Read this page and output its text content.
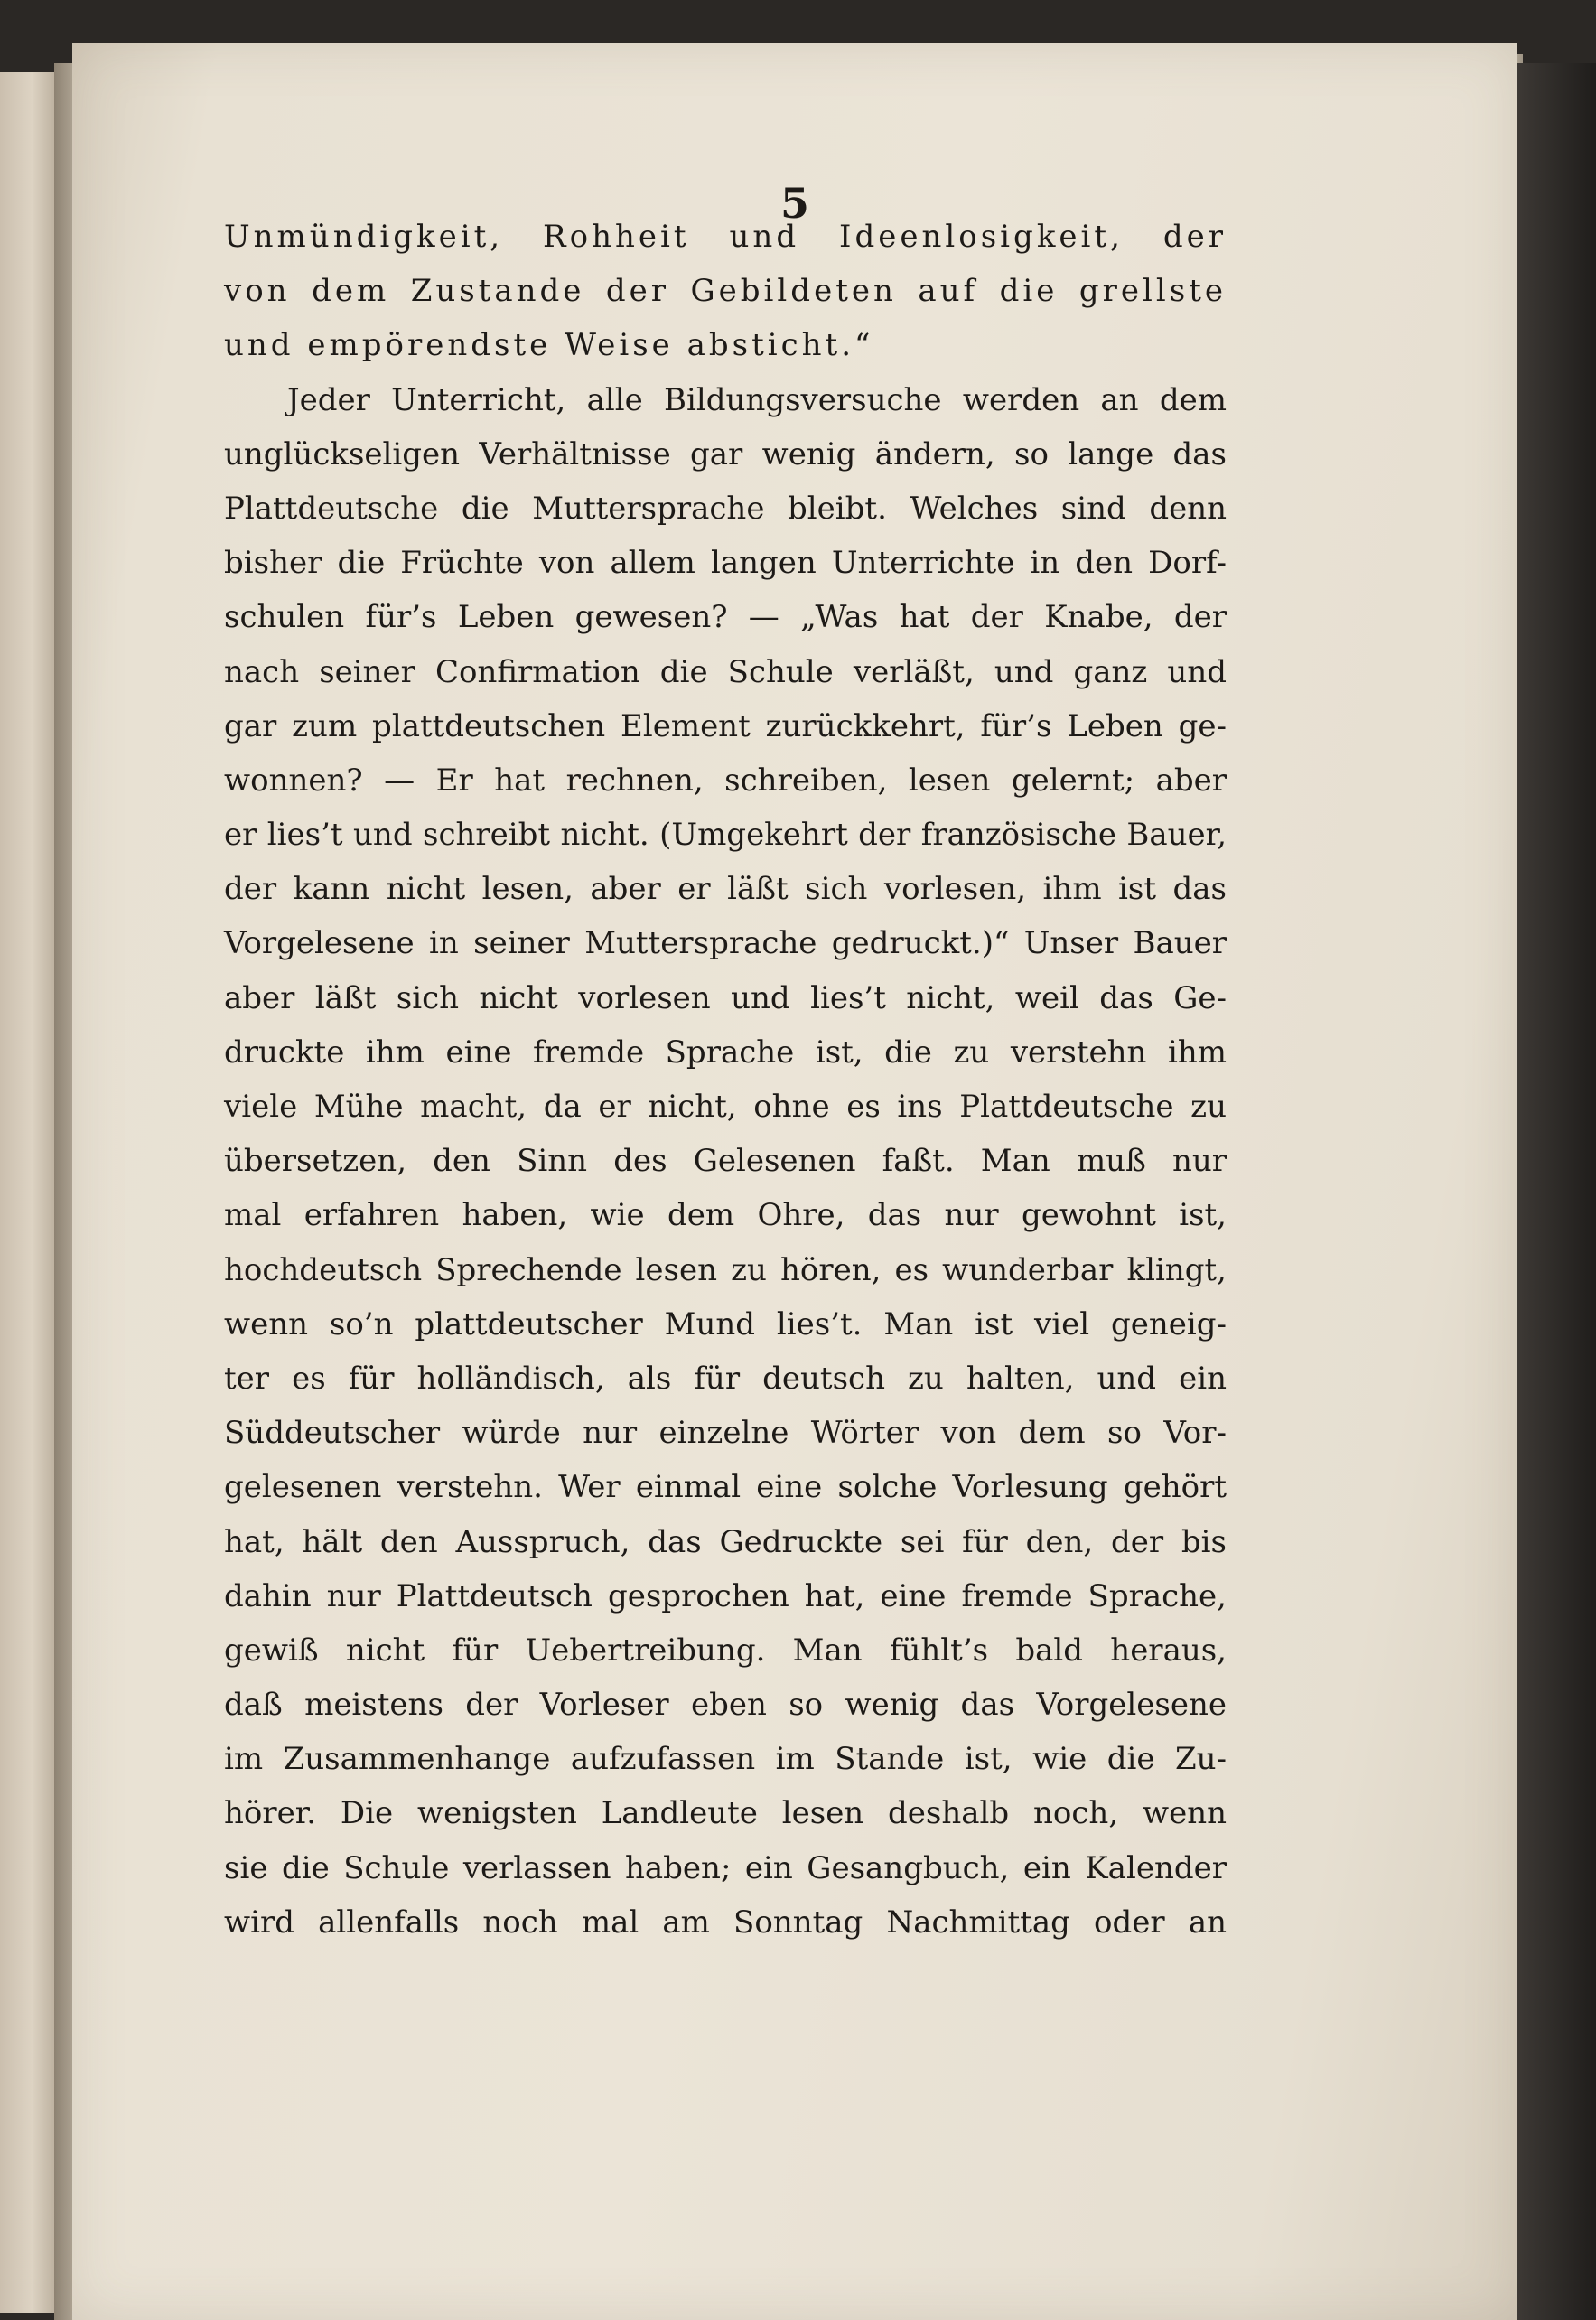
5
Unmündigkeit, Rohheit und Ideenlosigkeit, der
von dem Zustande der Gebildeten auf die grellste
und empörendste Weise absticht.“
Jeder Unterricht, alle Bildungsversuche werden an dem
unglückseligen Verhältnisse gar wenig ändern, so lange das
Plattdeutsche die Muttersprache bleibt. Welches sind denn
bisher die Früchte von allem langen Unterrichte in den Dorf-
schulen für’s Leben gewesen? — „Was hat der Knabe, der
nach seiner Confirmation die Schule verläßt, und ganz und
gar zum plattdeutschen Element zurückkehrt, für’s Leben ge-
wonnen? — Er hat rechnen, schreiben, lesen gelernt; aber
er lies’t und schreibt nicht. (Umgekehrt der französische Bauer,
der kann nicht lesen, aber er läßt sich vorlesen, ihm ist das
Vorgelesene in seiner Muttersprache gedruckt.)“ Unser Bauer
aber läßt sich nicht vorlesen und lies’t nicht, weil das Ge-
druckte ihm eine fremde Sprache ist, die zu verstehn ihm
viele Mühe macht, da er nicht, ohne es ins Plattdeutsche zu
übersetzen, den Sinn des Gelesenen faßt. Man muß nur
mal erfahren haben, wie dem Ohre, das nur gewohnt ist,
hochdeutsch Sprechende lesen zu hören, es wunderbar klingt,
wenn so’n plattdeutscher Mund lies’t. Man ist viel geneig-
ter es für holländisch, als für deutsch zu halten, und ein
Süddeutscher würde nur einzelne Wörter von dem so Vor-
gelesenen verstehn. Wer einmal eine solche Vorlesung gehört
hat, hält den Ausspruch, das Gedruckte sei für den, der bis
dahin nur Plattdeutsch gesprochen hat, eine fremde Sprache,
gewiß nicht für Uebertreibung. Man fühlt’s bald heraus,
daß meistens der Vorleser eben so wenig das Vorgelesene
im Zusammenhange aufzufassen im Stande ist, wie die Zu-
hörer. Die wenigsten Landleute lesen deshalb noch, wenn
sie die Schule verlassen haben; ein Gesangbuch, ein Kalender
wird allenfalls noch mal am Sonntag Nachmittag oder an
